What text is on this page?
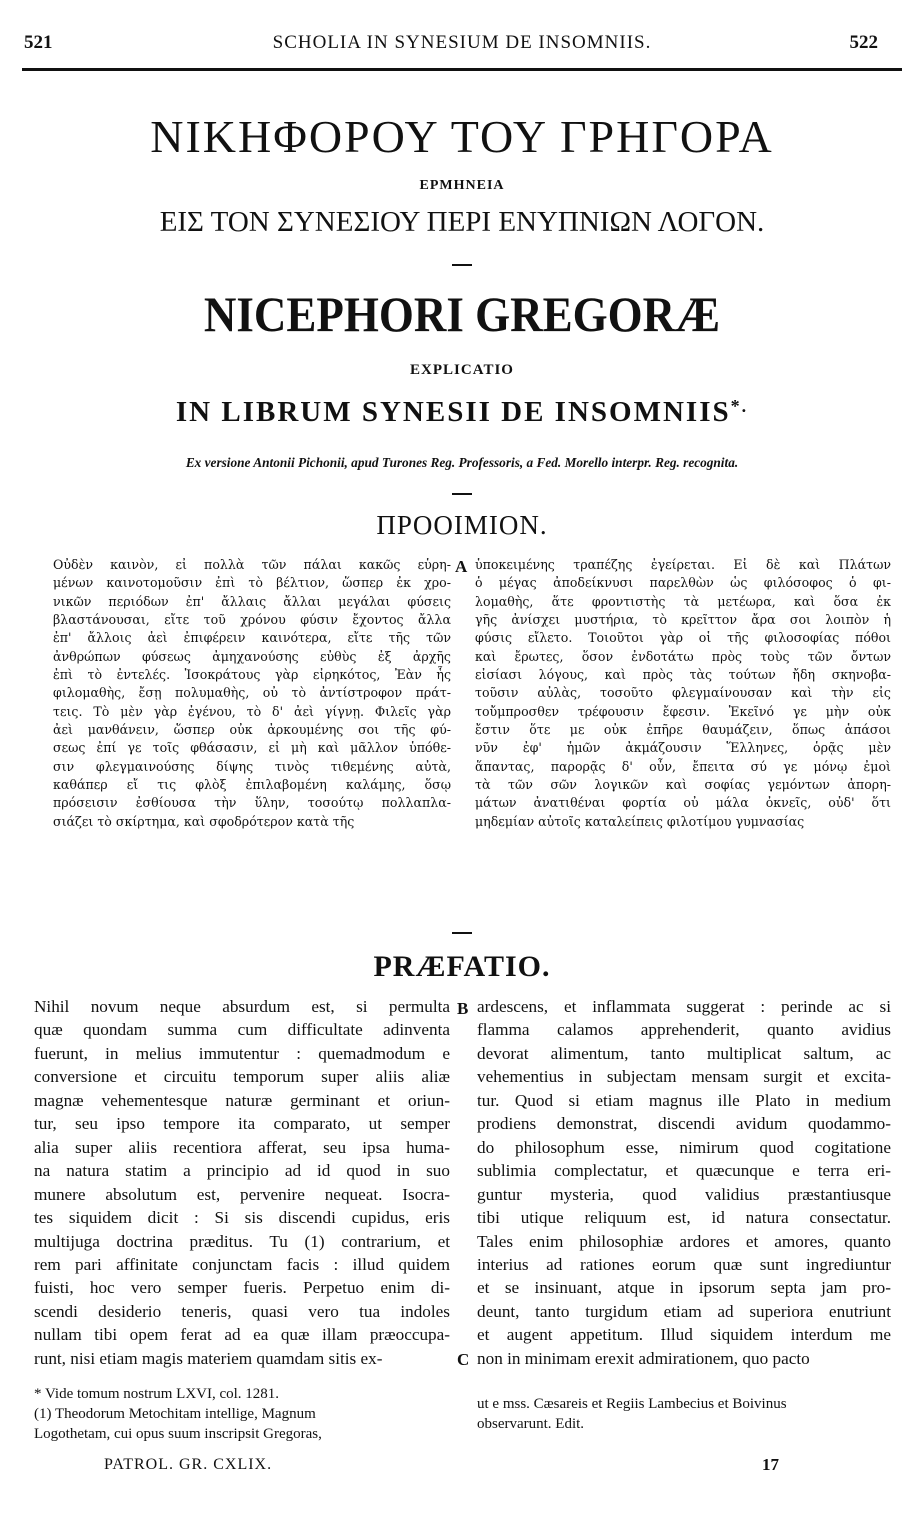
521	SCHOLIA IN SYNESIUM DE INSOMNIIS.	522
ΝΙΚΗΦΟΡΟΥ ΤΟΥ ΓΡΗΓΟΡΑ
ΕΡΜΗΝΕΙΑ
ΕΙΣ ΤΟΝ ΣΥΝΕΣΙΟΥ ΠΕΡΙ ΕΝΥΠΝΙΩΝ ΛΟΓΟΝ.
NICEPHORI GREGORÆ
EXPLICATIO
IN LIBRUM SYNESII DE INSOMNIIS*.
Ex versione Antonii Pichonii, apud Turones Reg. Professoris, a Fed. Morello interpr. Reg. recognita.
ΠΡΟΟΙΜΙΟΝ.
Οὐδὲν καινὸν, εἰ πολλὰ τῶν πάλαι κακῶς εὑρη-
μένων καινοτομοῦσιν ἐπὶ τὸ βέλτιον, ὥσπερ ἐκ χρο-
νικῶν περιόδων ἐπ' ἄλλαις ἄλλαι μεγάλαι φύσεις
βλαστάνουσαι, εἴτε τοῦ χρόνου φύσιν ἔχοντος ἄλλα
ἐπ' ἄλλοις ἀεὶ ἐπιφέρειν καινότερα, εἴτε τῆς τῶν
ἀνθρώπων φύσεως ἀμηχανούσης εὐθὺς ἐξ ἀρχῆς
ἐπὶ τὸ ἐντελές. Ἰσοκράτους γὰρ εἰρηκότος, Ἐὰν ἧς
φιλομαθὴς, ἔσῃ πολυμαθὴς, οὐ τὸ ἀντίστροφον πράτ-
τεις. Τὸ μὲν γὰρ ἐγένου, τὸ δ' ἀεὶ γίγνῃ. Φιλεῖς γὰρ
ἀεὶ μανθάνειν, ὥσπερ οὐκ ἀρκουμένης σοι τῆς φύ-
σεως ἐπί γε τοῖς φθάσασιν, εἰ μὴ καὶ μᾶλλον ὑπόθε-
σιν φλεγμαινούσης δίψης τινὸς τιθεμένης αὐτὰ,
καθάπερ εἴ τις φλὸξ ἐπιλαβομένη καλάμης, ὅσῳ
πρόσεισιν ἐσθίουσα τὴν ὕλην, τοσούτῳ πολλαπλα-
σιάζει τὸ σκίρτημα, καὶ σφοδρότερον κατὰ τῆς
A ὑποκειμένης τραπέζης ἐγείρεται. Εἰ δὲ καὶ Πλάτων
ὁ μέγας ἀποδείκνυσι παρελθὼν ὡς φιλόσοφος ὁ φι-
λομαθὴς, ἅτε φροντιστὴς τὰ μετέωρα, καὶ ὅσα ἐκ
γῆς ἀνίσχει μυστήρια, τὸ κρεῖττον ἄρα σοι λοιπὸν ἡ
φύσις εἴλετο. Τοιοῦτοι γὰρ οἱ τῆς φιλοσοφίας πόθοι
καὶ ἔρωτες, ὅσον ἐνδοτάτω πρὸς τοὺς τῶν ὄντων
εἰσίασι λόγους, καὶ πρὸς τὰς τούτων ἤδη σκηνοβα-
τοῦσιν αὐλὰς, τοσοῦτο φλεγμαίνουσαν καὶ τὴν εἰς
τοὔμπροσθεν τρέφουσιν ἔφεσιν. Ἐκεῖνό γε μὴν οὐκ
ἔστιν ὅτε με οὐκ ἐπῆρε θαυμάζειν, ὅπως ἁπάσοι
νῦν ἐφ' ἡμῶν ἀκμάζουσιν Ἕλληνες, ὁρᾷς μὲν
ἅπαντας, παρορᾷς δ' οὖν, ἔπειτα σύ γε μόνῳ ἐμοὶ
τὰ τῶν σῶν λογικῶν καὶ σοφίας γεμόντων ἀπορη-
μάτων ἀνατιθέναι φορτία οὐ μάλα ὀκνεῖς, οὐδ' ὅτι
μηδεμίαν αὐτοῖς καταλείπεις φιλοτίμου γυμνασίας
PRÆFATIO.
Nihil novum neque absurdum est, si permulta
quæ quondam summa cum difficultate adinventa
fuerunt, in melius immutentur : quemadmodum e
conversione et circuitu temporum super aliis aliæ
magnæ vehementesque naturæ germinant et oriun-
tur, seu ipso tempore ita comparato, ut semper
alia super aliis recentiora afferat, seu ipsa huma-
na natura statim a principio ad id quod in suo
munere absolutum est, pervenire nequeat. Isocra-
tes siquidem dicit : Si sis discendi cupidus, eris
multijuga doctrina præditus. Tu (1) contrarium, et
rem pari affinitate conjunctam facis : illud quidem
fuisti, hoc vero semper fueris. Perpetuo enim di-
scendi desiderio teneris, quasi vero tua indoles
nullam tibi opem ferat ad ea quæ illam præoccupa-
runt, nisi etiam magis materiem quamdam sitis ex-
B
C
ardescens, et inflammata suggerat : perinde ac si
flamma calamos apprehenderit, quanto avidius
devorat alimentum, tanto multiplicat saltum, ac
vehementius in subjectam mensam surgit et excita-
tur. Quod si etiam magnus ille Plato in medium
prodiens demonstrat, discendi avidum quodammo-
do philosophum esse, nimirum quod cogitatione
sublimia complectatur, et quæcunque e terra eri-
guntur mysteria, quod validius præstantiusque
tibi utique reliquum est, id natura consectatur.
Tales enim philosophiæ ardores et amores, quanto
interius ad rationes eorum quæ sunt ingrediuntur
et se insinuant, atque in ipsorum septa jam pro-
deunt, tanto turgidum etiam ad superiora enutriunt
et augent appetitum. Illud siquidem interdum me
non in minimam erexit admirationem, quo pacto
* Vide tomum nostrum LXVI, col. 1281.
(1) Theodorum Metochitam intellige, Magnum
Logothetam, cui opus suum inscripsit Gregoras,
ut e mss. Cæsareis et Regiis Lambecius et Boivinus
observarunt. Edit.
PATROL. GR. CXLIX.	17
